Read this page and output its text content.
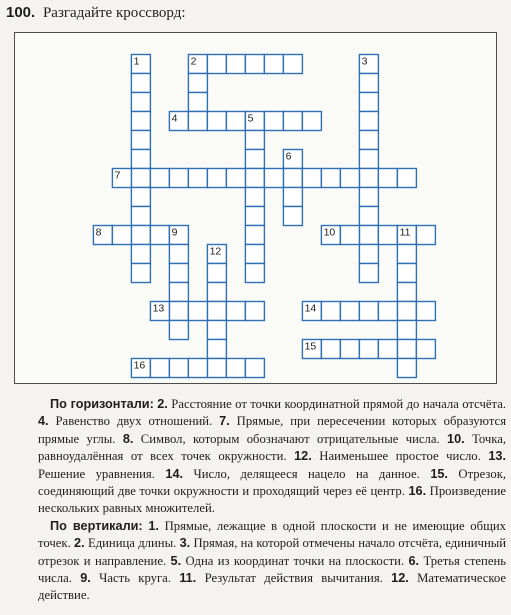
100. Разгадайте кроссворд:
1	2	3
4	5
6
7
8	9	10	11
12
13	14
15
16

По горизонтали: 2. Расстояние от точки координатной прямой до начала отсчёта. 4. Равенство двух отношений. 7. Прямые, при пересечении которых образуются прямые углы. 8. Символ, которым обозначают отрицательные числа. 10. Точка, равноудалённая от всех точек окружности. 12. Наименьшее простое число. 13. Решение уравнения. 14. Число, делящееся нацело на данное. 15. Отрезок, соединяющий две точки окружности и проходящий через её центр. 16. Произведение нескольких равных множителей.

По вертикали: 1. Прямые, лежащие в одной плоскости и не имеющие общих точек. 2. Единица длины. 3. Прямая, на которой отмечены начало отсчёта, единичный отрезок и направление. 5. Одна из координат точки на плоскости. 6. Третья степень числа. 9. Часть круга. 11. Результат действия вычитания. 12. Математическое действие.
